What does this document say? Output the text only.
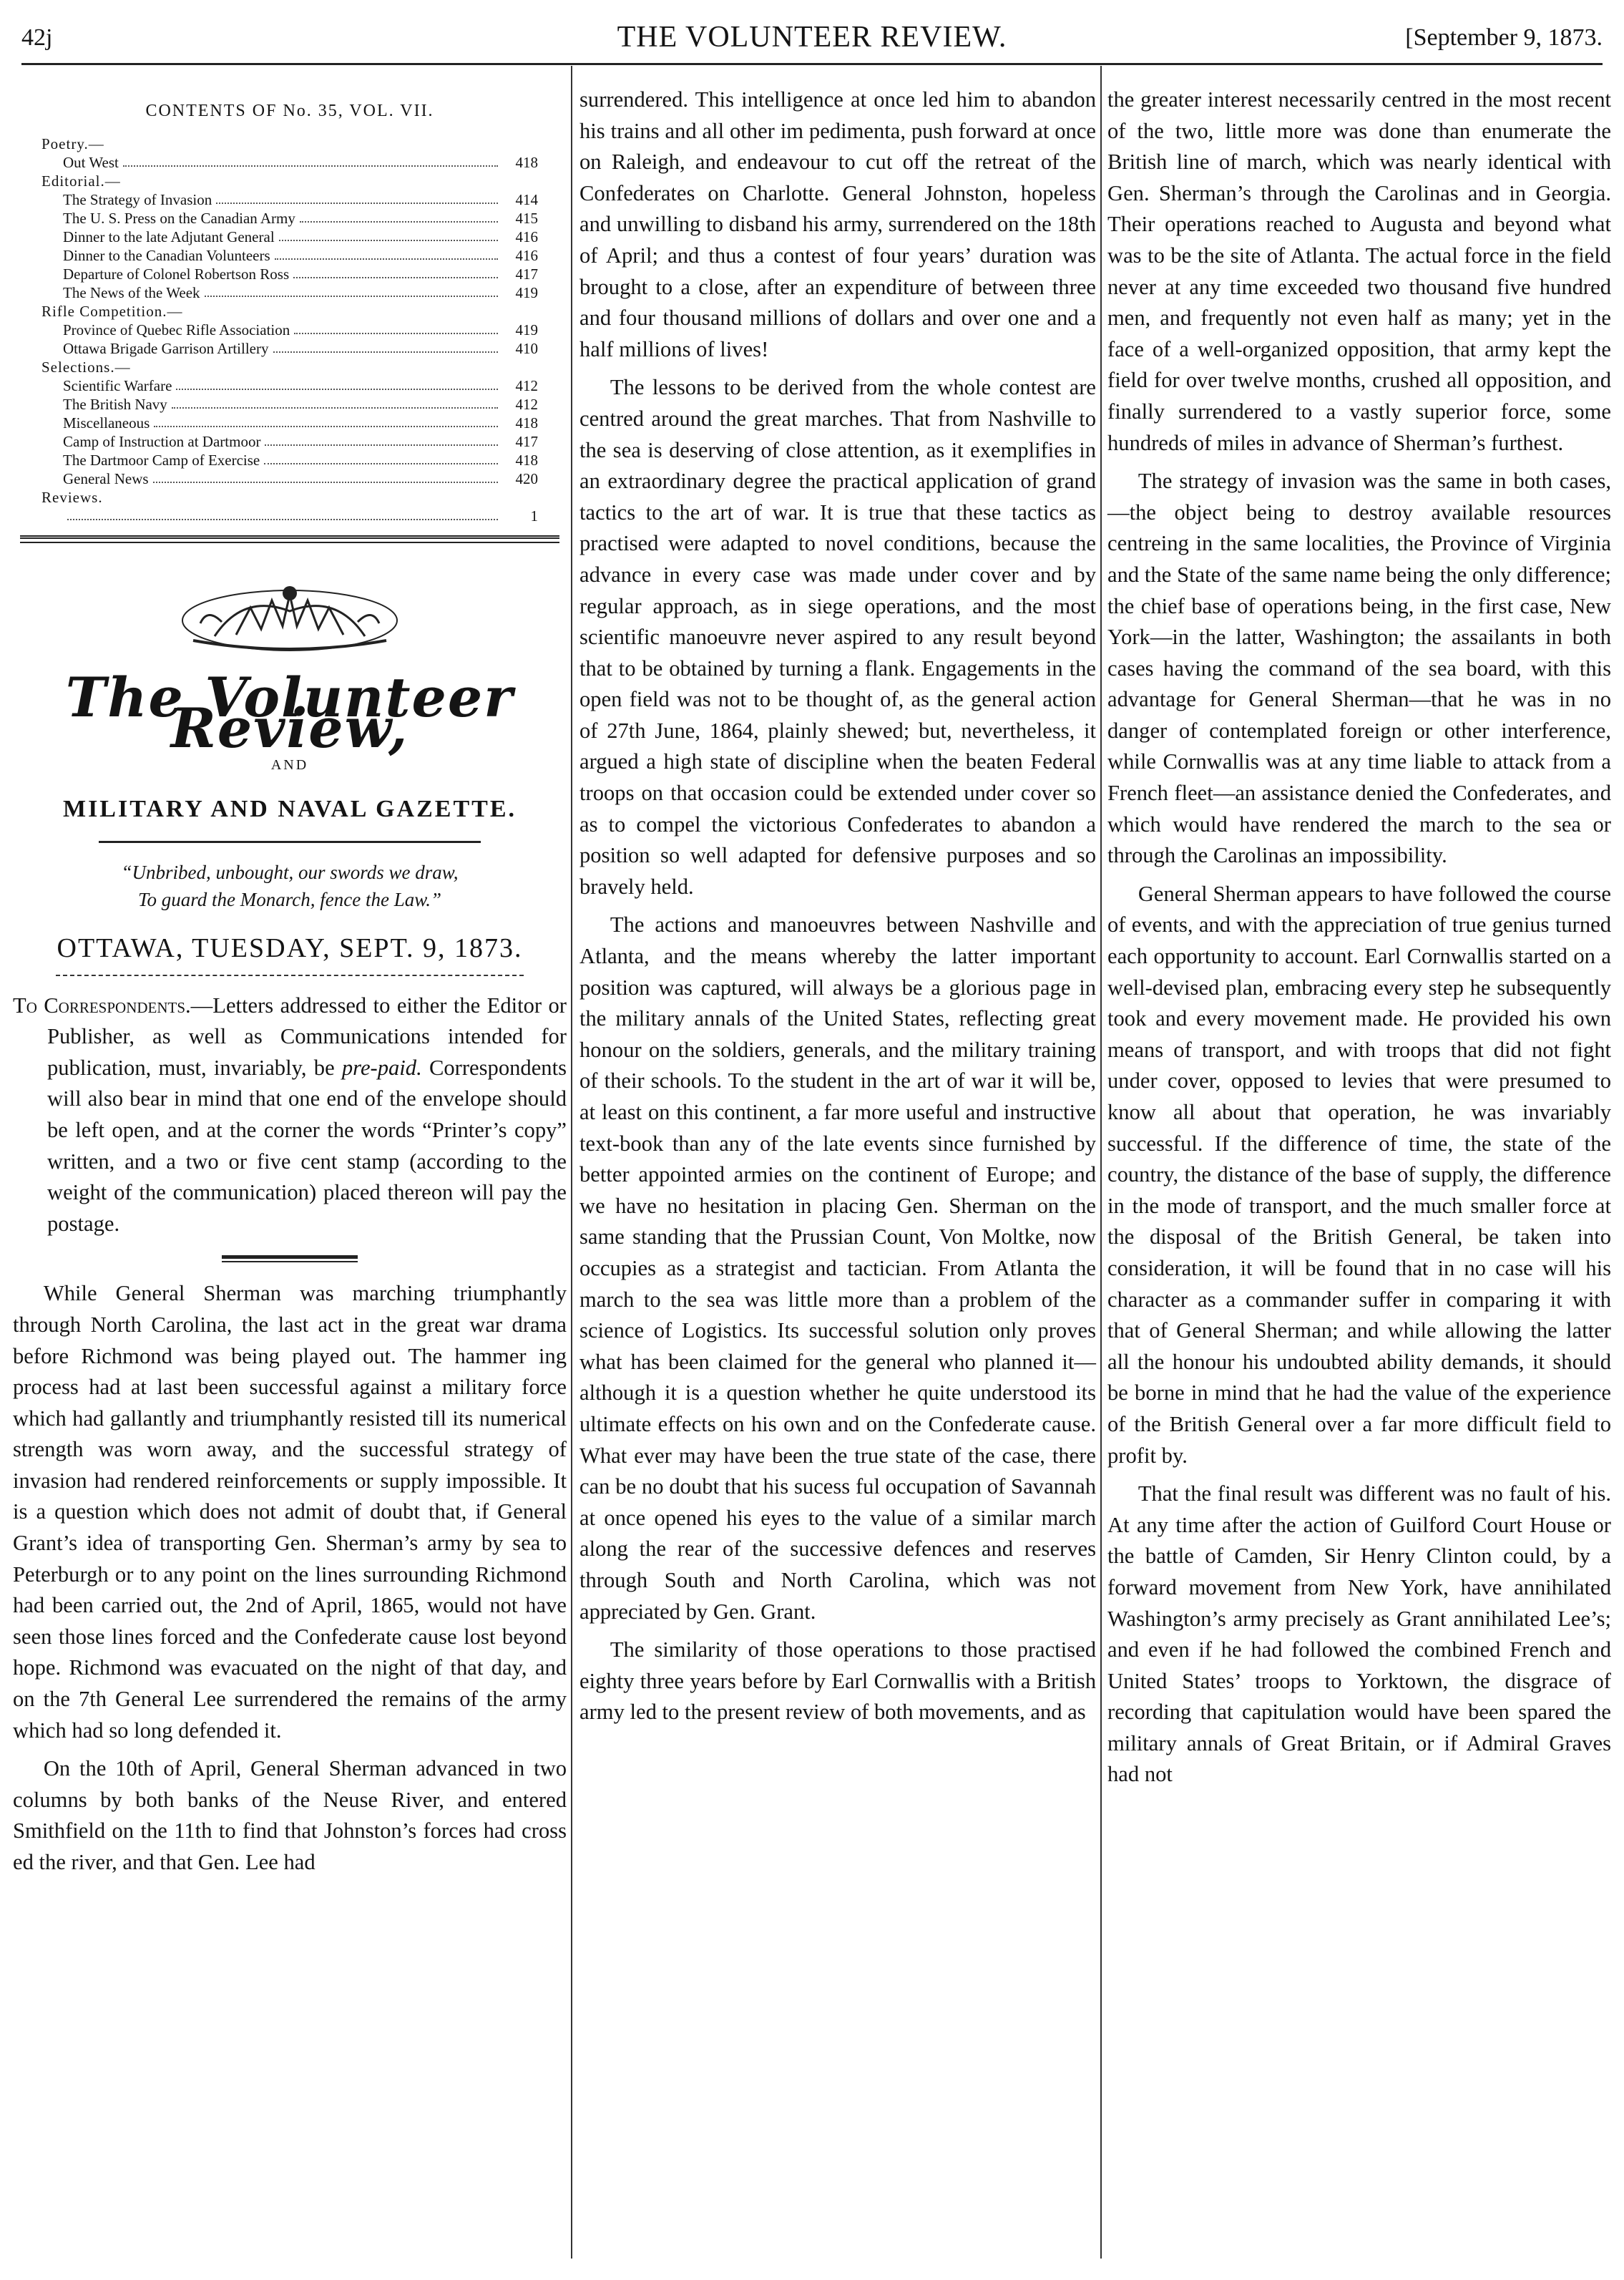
42j	THE VOLUNTEER REVIEW.	[September 9, 1873.
CONTENTS OF No. 35, VOL. VII.
Poetry.—
Out West	418
Editorial.—
The Strategy of Invasion	414
The U. S. Press on the Canadian Army	415
Dinner to the late Adjutant General	416
Dinner to the Canadian Volunteers	416
Departure of Colonel Robertson Ross	417
The News of the Week	419
Rifle Competition.—
Province of Quebec Rifle Association	419
Ottawa Brigade Garrison Artillery	410
Selections.—
Scientific Warfare	412
The British Navy	412
Miscellaneous	418
Camp of Instruction at Dartmoor	417
The Dartmoor Camp of Exercise	418
General News	420
Reviews.
1
The Volunteer Review,
AND
MILITARY AND NAVAL GAZETTE.
“Unbribed, unbought, our swords we draw,
To guard the Monarch, fence the Law.”
OTTAWA, TUESDAY, SEPT. 9, 1873.
To Correspondents.—Letters addressed to either the Editor or Publisher, as well as Communications intended for publication, must, invariably, be pre-paid. Correspondents will also bear in mind that one end of the envelope should be left open, and at the corner the words “Printer’s copy” written, and a two or five cent stamp (according to the weight of the communication) placed thereon will pay the postage.

While General Sherman was marching triumphantly through North Carolina, the last act in the great war drama before Richmond was being played out. The hammer ing process had at last been successful against a military force which had gallantly and triumphantly resisted till its numerical strength was worn away, and the successful strategy of invasion had rendered reinforcements or supply impossible. It is a question which does not admit of doubt that, if General Grant’s idea of transporting Gen. Sherman’s army by sea to Peterburgh or to any point on the lines surrounding Richmond had been carried out, the 2nd of April, 1865, would not have seen those lines forced and the Confederate cause lost beyond hope. Richmond was evacuated on the night of that day, and on the 7th General Lee surrendered the remains of the army which had so long defended it.

On the 10th of April, General Sherman advanced in two columns by both banks of the Neuse River, and entered Smithfield on the 11th to find that Johnston’s forces had cross ed the river, and that Gen. Lee had

surrendered. This intelligence at once led him to abandon his trains and all other im pedimenta, push forward at once on Raleigh, and endeavour to cut off the retreat of the Confederates on Charlotte. General Johnston, hopeless and unwilling to disband his army, surrendered on the 18th of April; and thus a contest of four years’ duration was brought to a close, after an expenditure of between three and four thousand millions of dollars and over one and a half millions of lives!

The lessons to be derived from the whole contest are centred around the great marches. That from Nashville to the sea is deserving of close attention, as it exemplifies in an extraordinary degree the practical application of grand tactics to the art of war. It is true that these tactics as practised were adapted to novel conditions, because the advance in every case was made under cover and by regular approach, as in siege operations, and the most scientific manoeuvre never aspired to any result beyond that to be obtained by turning a flank. Engagements in the open field was not to be thought of, as the general action of 27th June, 1864, plainly shewed; but, nevertheless, it argued a high state of discipline when the beaten Federal troops on that occasion could be extended under cover so as to compel the victorious Confederates to abandon a position so well adapted for defensive purposes and so bravely held.

The actions and manoeuvres between Nashville and Atlanta, and the means whereby the latter important position was captured, will always be a glorious page in the military annals of the United States, reflecting great honour on the soldiers, generals, and the military training of their schools. To the student in the art of war it will be, at least on this continent, a far more useful and instructive text-book than any of the late events since furnished by better appointed armies on the continent of Europe; and we have no hesitation in placing Gen. Sherman on the same standing that the Prussian Count, Von Moltke, now occupies as a strategist and tactician. From Atlanta the march to the sea was little more than a problem of the science of Logistics. Its successful solution only proves what has been claimed for the general who planned it—although it is a question whether he quite understood its ultimate effects on his own and on the Confederate cause. What ever may have been the true state of the case, there can be no doubt that his sucess ful occupation of Savannah at once opened his eyes to the value of a similar march along the rear of the successive defences and reserves through South and North Carolina, which was not appreciated by Gen. Grant.

The similarity of those operations to those practised eighty three years before by Earl Cornwallis with a British army led to the present review of both movements, and as

the greater interest necessarily centred in the most recent of the two, little more was done than enumerate the British line of march, which was nearly identical with Gen. Sherman’s through the Carolinas and in Georgia. Their operations reached to Augusta and beyond what was to be the site of Atlanta. The actual force in the field never at any time exceeded two thousand five hundred men, and frequently not even half as many; yet in the face of a well-organized opposition, that army kept the field for over twelve months, crushed all opposition, and finally surrendered to a vastly superior force, some hundreds of miles in advance of Sherman’s furthest.

The strategy of invasion was the same in both cases,—the object being to destroy available resources centreing in the same localities, the Province of Virginia and the State of the same name being the only difference; the chief base of operations being, in the first case, New York—in the latter, Washington; the assailants in both cases having the command of the sea board, with this advantage for General Sherman—that he was in no danger of contemplated foreign or other interference, while Cornwallis was at any time liable to attack from a French fleet—an assistance denied the Confederates, and which would have rendered the march to the sea or through the Carolinas an impossibility.

General Sherman appears to have followed the course of events, and with the appreciation of true genius turned each opportunity to account. Earl Cornwallis started on a well-devised plan, embracing every step he subsequently took and every movement made. He provided his own means of transport, and with troops that did not fight under cover, opposed to levies that were presumed to know all about that operation, he was invariably successful. If the difference of time, the state of the country, the distance of the base of supply, the difference in the mode of transport, and the much smaller force at the disposal of the British General, be taken into consideration, it will be found that in no case will his character as a commander suffer in comparing it with that of General Sherman; and while allowing the latter all the honour his undoubted ability demands, it should be borne in mind that he had the value of the experience of the British General over a far more difficult field to profit by.

That the final result was different was no fault of his. At any time after the action of Guilford Court House or the battle of Camden, Sir Henry Clinton could, by a forward movement from New York, have annihilated Washington’s army precisely as Grant annihilated Lee’s; and even if he had followed the combined French and United States’ troops to Yorktown, the disgrace of recording that capitulation would have been spared the military annals of Great Britain, or if Admiral Graves had not
